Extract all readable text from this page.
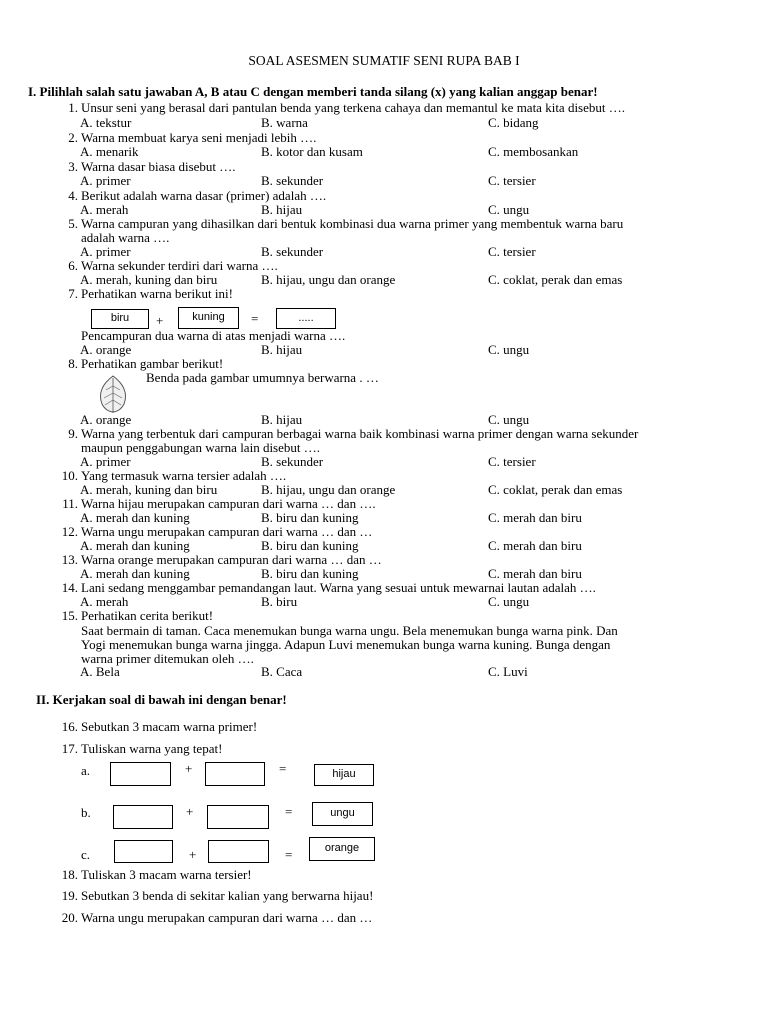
SOAL ASESMEN SUMATIF SENI RUPA BAB I
I. Pilihlah salah satu jawaban A, B atau C dengan memberi tanda silang (x) yang kalian anggap benar!
1. Unsur seni yang berasal dari pantulan benda yang terkena cahaya dan memantul ke mata kita disebut ….
A. tekstur	B. warna	C. bidang
2. Warna membuat karya seni menjadi lebih ….
A. menarik	B. kotor dan kusam	C. membosankan
3. Warna dasar biasa disebut ….
A. primer	B. sekunder	C. tersier
4. Berikut adalah warna dasar (primer) adalah ….
A. merah	B. hijau	C. ungu
5. Warna campuran yang dihasilkan dari bentuk kombinasi dua warna primer yang membentuk warna baru
adalah warna ….
A. primer	B. sekunder	C. tersier
6. Warna sekunder terdiri dari warna ….
A. merah, kuning dan biru	B. hijau, ungu dan orange	C. coklat, perak dan emas
7. Perhatikan warna berikut ini!
biru	+	kuning	=	.....
Pencampuran dua warna di atas menjadi warna ….
A. orange	B. hijau	C. ungu
8. Perhatikan gambar berikut!
Benda pada gambar umumnya berwarna . …
A. orange	B. hijau	C. ungu
9. Warna yang terbentuk dari campuran berbagai warna baik kombinasi warna primer dengan warna sekunder
maupun penggabungan warna lain disebut ….
A. primer	B. sekunder	C. tersier
10. Yang termasuk warna tersier adalah ….
A. merah, kuning dan biru	B. hijau, ungu dan orange	C. coklat, perak dan emas
11. Warna hijau merupakan campuran dari warna … dan ….
A. merah dan kuning	B. biru dan kuning	C. merah dan biru
12. Warna ungu merupakan campuran dari warna … dan …
A. merah dan kuning	B. biru dan kuning	C. merah dan biru
13. Warna orange merupakan campuran dari warna … dan …
A. merah dan kuning	B. biru dan kuning	C. merah dan biru
14. Lani sedang menggambar pemandangan laut. Warna yang sesuai untuk mewarnai lautan adalah ….
A. merah	B. biru	C. ungu
15. Perhatikan cerita berikut!
Saat bermain di taman. Caca menemukan bunga warna ungu. Bela menemukan bunga warna pink. Dan
Yogi menemukan bunga warna jingga. Adapun Luvi menemukan bunga warna kuning. Bunga dengan
warna primer ditemukan oleh ….
A. Bela	B. Caca	C. Luvi
II. Kerjakan soal di bawah ini dengan benar!
16. Sebutkan 3 macam warna primer!
17. Tuliskan warna yang tepat!
a.	+	=	hijau
b.	+	=	ungu
c.	+	=	orange
18. Tuliskan 3 macam warna tersier!
19. Sebutkan 3 benda di sekitar kalian yang berwarna hijau!
20. Warna ungu merupakan campuran dari warna … dan …
